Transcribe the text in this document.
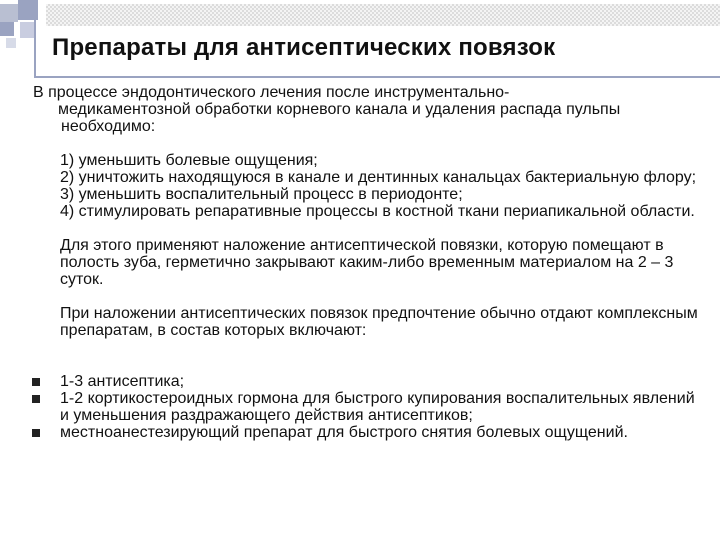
Препараты для антисептических повязок
В процессе эндодонтического лечения после инструментально-
медикаментозной обработки корневого канала и удаления распада пульпы необходимо:
1) уменьшить болевые ощущения;
2) уничтожить находящуюся в канале и дентинных канальцах бактериальную флору;
3) уменьшить воспалительный процесс в периодонте;
4) стимулировать репаративные процессы в костной ткани периапикальной области.
Для этого применяют наложение антисептической повязки, которую помещают в полость зуба, герметично закрывают каким-либо временным материалом на 2 – 3 суток.
При наложении антисептических повязок предпочтение обычно отдают комплексным препаратам, в состав которых включают:
1-3 антисептика;
1-2 кортикостероидных гормона для быстрого купирования воспалительных явлений и уменьшения раздражающего действия антисептиков;
местноанестезирующий препарат для быстрого снятия болевых ощущений.
